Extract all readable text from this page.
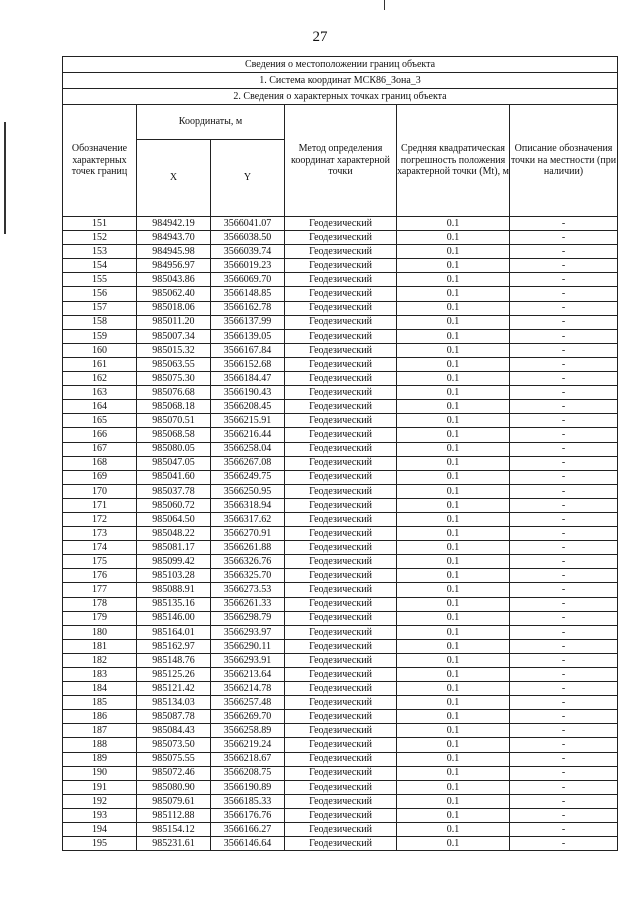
27
Сведения о местоположении границ объекта					
1. Система координат МСК86_Зона_3					
2. Сведения о характерных точках границ объекта					
Обозначение характерных точек границ	Координаты, м		Метод определения координат характерной точки	Средняя квадратическая погрешность положения характерной точки (Mt), м	Описание обозначения точки на местности (при наличии)
	X	Y			
151	984942.19	3566041.07	Геодезический	0.1	-
152	984943.70	3566038.50	Геодезический	0.1	-
153	984945.98	3566039.74	Геодезический	0.1	-
154	984956.97	3566019.23	Геодезический	0.1	-
155	985043.86	3566069.70	Геодезический	0.1	-
156	985062.40	3566148.85	Геодезический	0.1	-
157	985018.06	3566162.78	Геодезический	0.1	-
158	985011.20	3566137.99	Геодезический	0.1	-
159	985007.34	3566139.05	Геодезический	0.1	-
160	985015.32	3566167.84	Геодезический	0.1	-
161	985063.55	3566152.68	Геодезический	0.1	-
162	985075.30	3566184.47	Геодезический	0.1	-
163	985076.68	3566190.43	Геодезический	0.1	-
164	985068.18	3566208.45	Геодезический	0.1	-
165	985070.51	3566215.91	Геодезический	0.1	-
166	985068.58	3566216.44	Геодезический	0.1	-
167	985080.05	3566258.04	Геодезический	0.1	-
168	985047.05	3566267.08	Геодезический	0.1	-
169	985041.60	3566249.75	Геодезический	0.1	-
170	985037.78	3566250.95	Геодезический	0.1	-
171	985060.72	3566318.94	Геодезический	0.1	-
172	985064.50	3566317.62	Геодезический	0.1	-
173	985048.22	3566270.91	Геодезический	0.1	-
174	985081.17	3566261.88	Геодезический	0.1	-
175	985099.42	3566326.76	Геодезический	0.1	-
176	985103.28	3566325.70	Геодезический	0.1	-
177	985088.91	3566273.53	Геодезический	0.1	-
178	985135.16	3566261.33	Геодезический	0.1	-
179	985146.00	3566298.79	Геодезический	0.1	-
180	985164.01	3566293.97	Геодезический	0.1	-
181	985162.97	3566290.11	Геодезический	0.1	-
182	985148.76	3566293.91	Геодезический	0.1	-
183	985125.26	3566213.64	Геодезический	0.1	-
184	985121.42	3566214.78	Геодезический	0.1	-
185	985134.03	3566257.48	Геодезический	0.1	-
186	985087.78	3566269.70	Геодезический	0.1	-
187	985084.43	3566258.89	Геодезический	0.1	-
188	985073.50	3566219.24	Геодезический	0.1	-
189	985075.55	3566218.67	Геодезический	0.1	-
190	985072.46	3566208.75	Геодезический	0.1	-
191	985080.90	3566190.89	Геодезический	0.1	-
192	985079.61	3566185.33	Геодезический	0.1	-
193	985112.88	3566176.76	Геодезический	0.1	-
194	985154.12	3566166.27	Геодезический	0.1	-
195	985231.61	3566146.64	Геодезический	0.1	-
